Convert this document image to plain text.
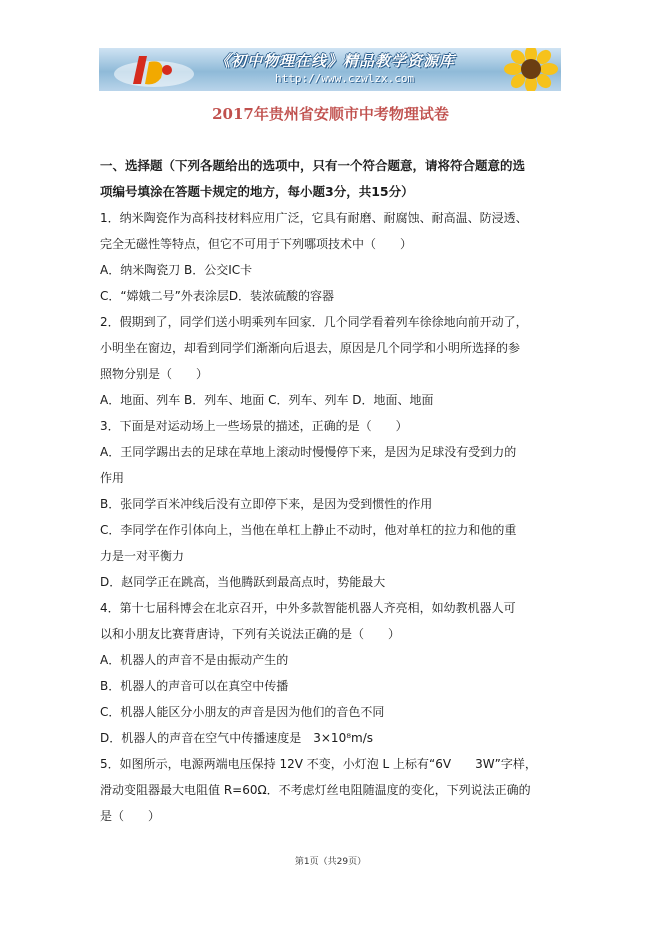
《初中物理在线》精品教学资源库
http://www.czwlzx.com
2017年贵州省安顺市中考物理试卷
一、选择题（下列各题给出的选项中，只有一个符合题意，请将符合题意的选
项编号填涂在答题卡规定的地方，每小题3分，共15分）
1．纳米陶瓷作为高科技材料应用广泛，它具有耐磨、耐腐蚀、耐高温、防浸透、
完全无磁性等特点，但它不可用于下列哪项技术中（　　）
A．纳米陶瓷刀 B．公交IC卡
C．“嫦娥二号”外表涂层D．装浓硫酸的容器
2．假期到了，同学们送小明乘列车回家．几个同学看着列车徐徐地向前开动了，
小明坐在窗边，却看到同学们渐渐向后退去，原因是几个同学和小明所选择的参
照物分别是（　　）
A．地面、列车 B．列车、地面 C．列车、列车 D．地面、地面
3．下面是对运动场上一些场景的描述，正确的是（　　）
A．王同学踢出去的足球在草地上滚动时慢慢停下来，是因为足球没有受到力的
作用
B．张同学百米冲线后没有立即停下来，是因为受到惯性的作用
C．李同学在作引体向上，当他在单杠上静止不动时，他对单杠的拉力和他的重
力是一对平衡力
D．赵同学正在跳高，当他腾跃到最高点时，势能最大
4．第十七届科博会在北京召开，中外多款智能机器人齐亮相，如幼教机器人可
以和小朋友比赛背唐诗，下列有关说法正确的是（　　）
A．机器人的声音不是由振动产生的
B．机器人的声音可以在真空中传播
C．机器人能区分小朋友的声音是因为他们的音色不同
D．机器人的声音在空气中传播速度是　3×10⁸m/s
5．如图所示，电源两端电压保持 12V 不变，小灯泡 L 上标有“6V　　3W”字样，
滑动变阻器最大电阻值 R=60Ω．不考虑灯丝电阻随温度的变化，下列说法正确的
是（　　）
第1页（共29页）
